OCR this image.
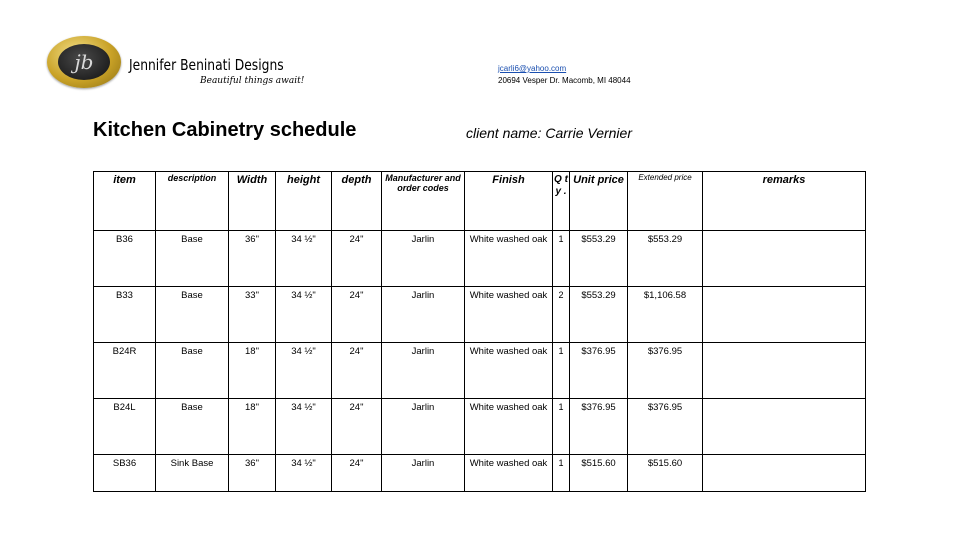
jb	Jennifer Beninati Designs
Beautiful things await!
jcarli6@yahoo.com
20694 Vesper Dr. Macomb, MI 48044
Kitchen Cabinetry schedule	client name: Carrie Vernier
item	description	Width	height	depth	Manufacturer and order codes	Finish	Q t y .	Unit price	Extended price	remarks
B36	Base	36"	34 ½"	24"	Jarlin	White washed oak	1	$553.29	$553.29	
B33	Base	33"	34 ½"	24"	Jarlin	White washed oak	2	$553.29	$1,106.58	
B24R	Base	18"	34 ½"	24"	Jarlin	White washed oak	1	$376.95	$376.95	
B24L	Base	18"	34 ½"	24"	Jarlin	White washed oak	1	$376.95	$376.95	
SB36	Sink Base	36"	34 ½"	24"	Jarlin	White washed oak	1	$515.60	$515.60	
